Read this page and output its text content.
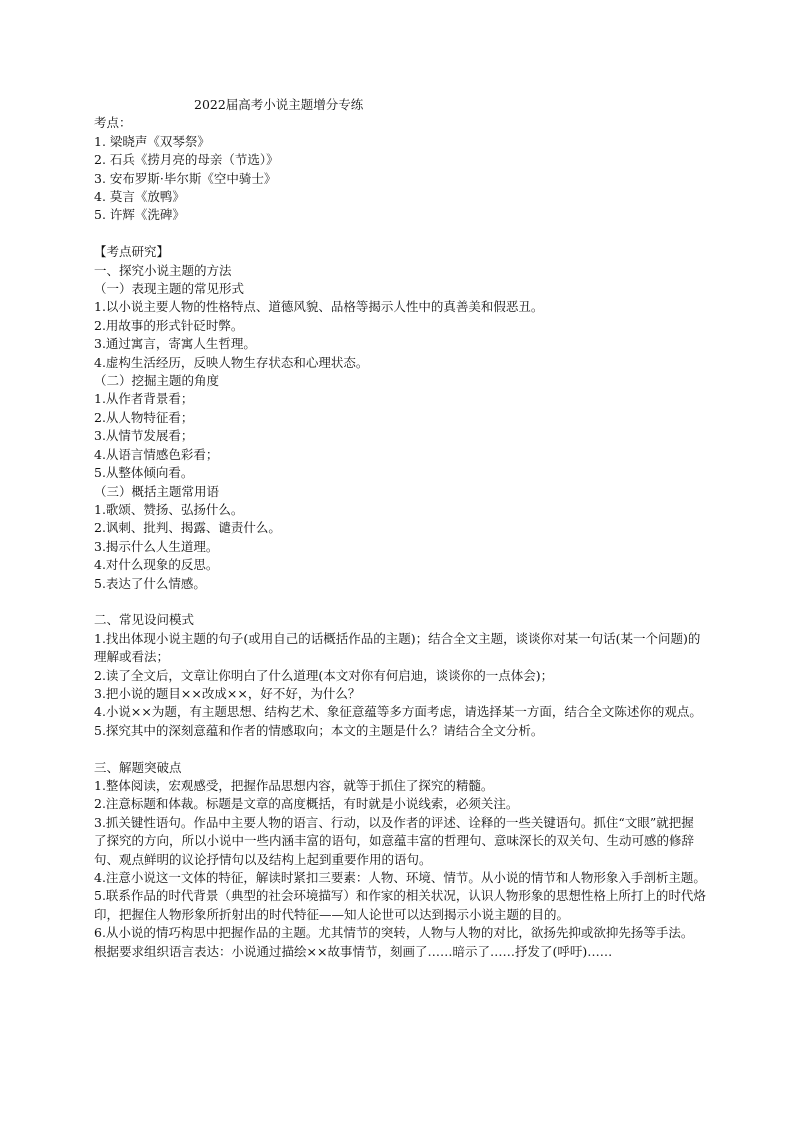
2022届高考小说主题增分专练
考点：
1. 梁晓声《双琴祭》
2. 石兵《捞月亮的母亲（节选）》
3. 安布罗斯·毕尔斯《空中骑士》
4. 莫言《放鸭》
5. 许辉《洗碑》
【考点研究】
一、探究小说主题的方法
（一）表现主题的常见形式
1.以小说主要人物的性格特点、道德风貌、品格等揭示人性中的真善美和假恶丑。
2.用故事的形式针砭时弊。
3.通过寓言，寄寓人生哲理。
4.虚构生活经历，反映人物生存状态和心理状态。
（二）挖掘主题的角度
1.从作者背景看；
2.从人物特征看；
3.从情节发展看；
4.从语言情感色彩看；
5.从整体倾向看。
（三）概括主题常用语
1.歌颂、赞扬、弘扬什么。
2.讽刺、批判、揭露、谴责什么。
3.揭示什么人生道理。
4.对什么现象的反思。
5.表达了什么情感。
二、常见设问模式
1.找出体现小说主题的句子(或用自己的话概括作品的主题)；结合全文主题，谈谈你对某一句话(某一个问题)的理解或看法；
2.读了全文后，文章让你明白了什么道理(本文对你有何启迪，谈谈你的一点体会)；
3.把小说的题目××改成××，好不好，为什么？
4.小说××为题，有主题思想、结构艺术、象征意蕴等多方面考虑，请选择某一方面，结合全文陈述你的观点。
5.探究其中的深刻意蕴和作者的情感取向；本文的主题是什么？请结合全文分析。
三、解题突破点
1.整体阅读，宏观感受，把握作品思想内容，就等于抓住了探究的精髓。
2.注意标题和体裁。标题是文章的高度概括，有时就是小说线索，必须关注。
3.抓关键性语句。作品中主要人物的语言、行动，以及作者的评述、诠释的一些关键语句。抓住“文眼”就把握了探究的方向，所以小说中一些内涵丰富的语句，如意蕴丰富的哲理句、意味深长的双关句、生动可感的修辞句、观点鲜明的议论抒情句以及结构上起到重要作用的语句。
4.注意小说这一文体的特征，解读时紧扣三要素：人物、环境、情节。从小说的情节和人物形象入手剖析主题。
5.联系作品的时代背景（典型的社会环境描写）和作家的相关状况，认识人物形象的思想性格上所打上的时代烙印，把握住人物形象所折射出的时代特征——知人论世可以达到揭示小说主题的目的。
6.从小说的情巧构思中把握作品的主题。尤其情节的突转，人物与人物的对比，欲扬先抑或欲抑先扬等手法。
根据要求组织语言表达：小说通过描绘××故事情节，刻画了……暗示了……抒发了(呼吁)……
